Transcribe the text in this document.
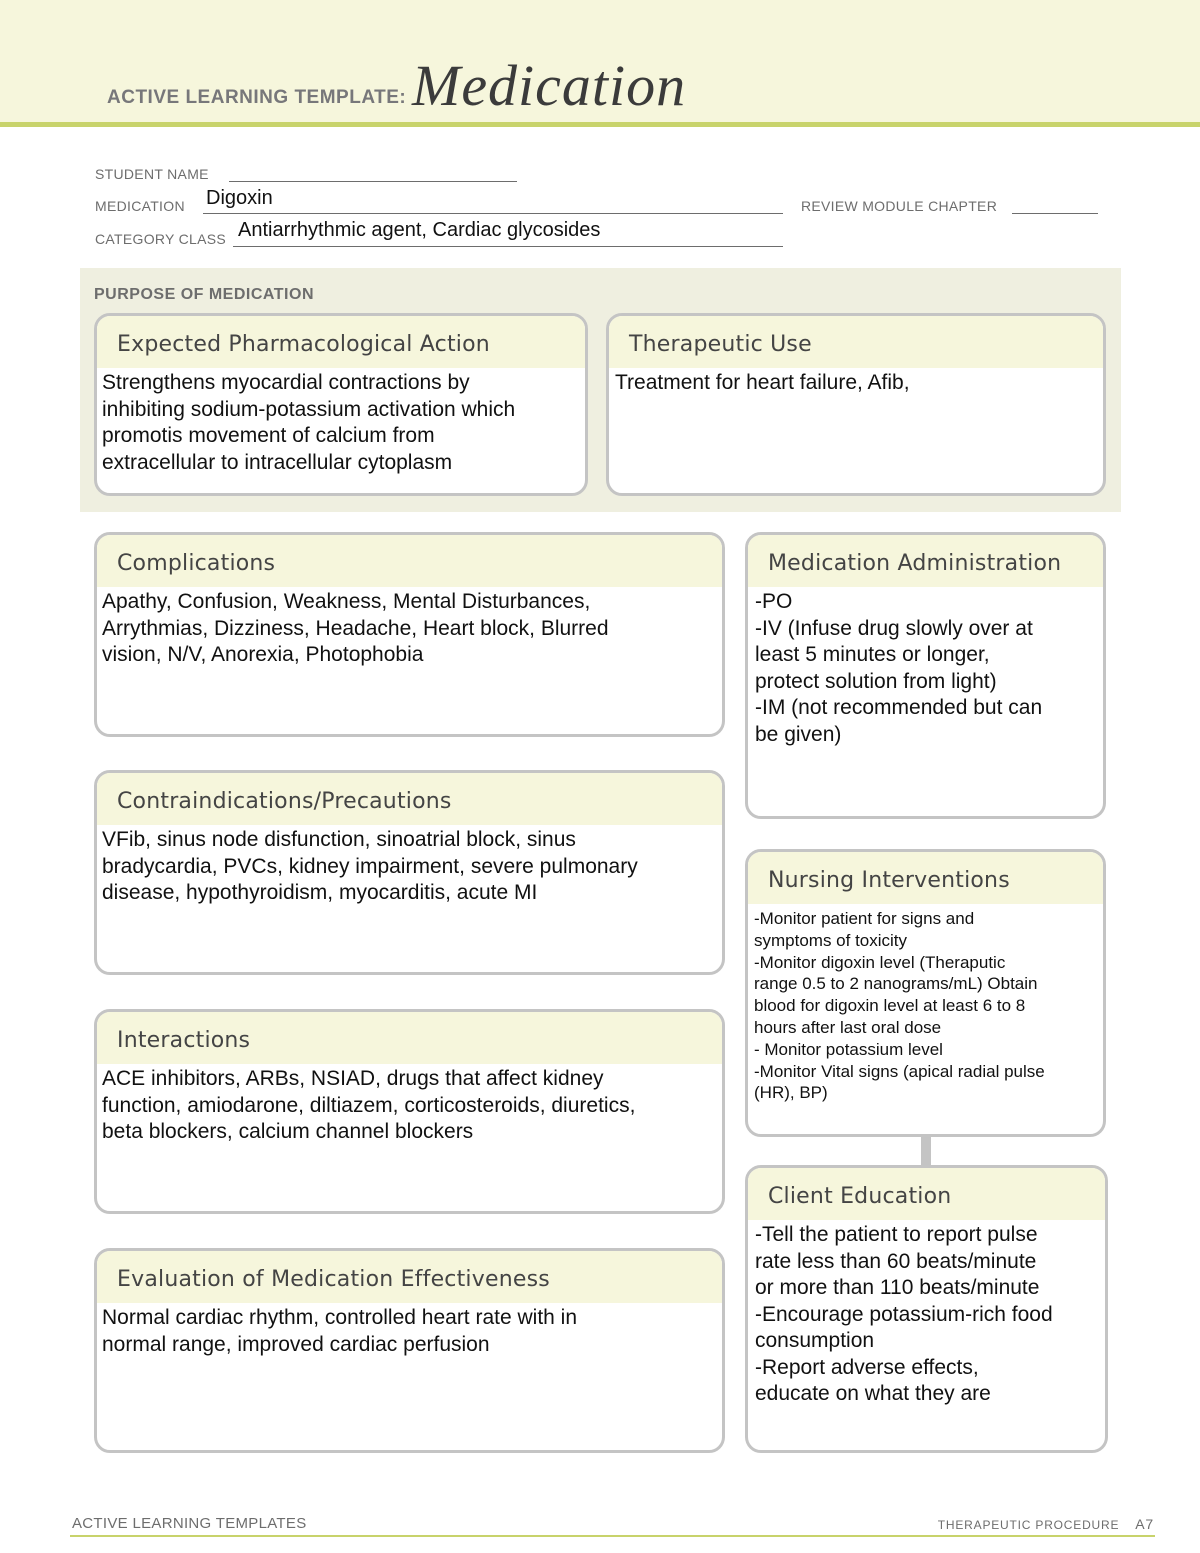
ACTIVE LEARNING TEMPLATE: Medication
STUDENT NAME
MEDICATION Digoxin	REVIEW MODULE CHAPTER
CATEGORY CLASS Antiarrhythmic agent, Cardiac glycosides
PURPOSE OF MEDICATION
Expected Pharmacological Action
Strengthens myocardial contractions by
inhibiting sodium-potassium activation which
promotis movement of calcium from
extracellular to intracellular cytoplasm
Therapeutic Use
Treatment for heart failure, Afib,
Complications
Apathy, Confusion, Weakness, Mental Disturbances,
Arrythmias, Dizziness, Headache, Heart block, Blurred
vision, N/V, Anorexia, Photophobia
Contraindications/Precautions
VFib, sinus node disfunction, sinoatrial block, sinus
bradycardia, PVCs, kidney impairment, severe pulmonary
disease, hypothyroidism, myocarditis, acute MI
Interactions
ACE inhibitors, ARBs, NSIAD, drugs that affect kidney
function, amiodarone, diltiazem, corticosteroids, diuretics,
beta blockers, calcium channel blockers
Evaluation of Medication Effectiveness
Normal cardiac rhythm, controlled heart rate with in
normal range, improved cardiac perfusion
Medication Administration
-PO
-IV (Infuse drug slowly over at
least 5 minutes or longer,
protect solution from light)
-IM (not recommended but can
be given)
Nursing Interventions
-Monitor patient for signs and
symptoms of toxicity
-Monitor digoxin level (Theraputic
range 0.5 to 2 nanograms/mL) Obtain
blood for digoxin level at least 6 to 8
hours after last oral dose
- Monitor potassium level
-Monitor Vital signs (apical radial pulse
(HR), BP)
Client Education
-Tell the patient to report pulse
rate less than 60 beats/minute
or more than 110 beats/minute
-Encourage potassium-rich food
consumption
-Report adverse effects,
educate on what they are
ACTIVE LEARNING TEMPLATES	THERAPEUTIC PROCEDURE A7
